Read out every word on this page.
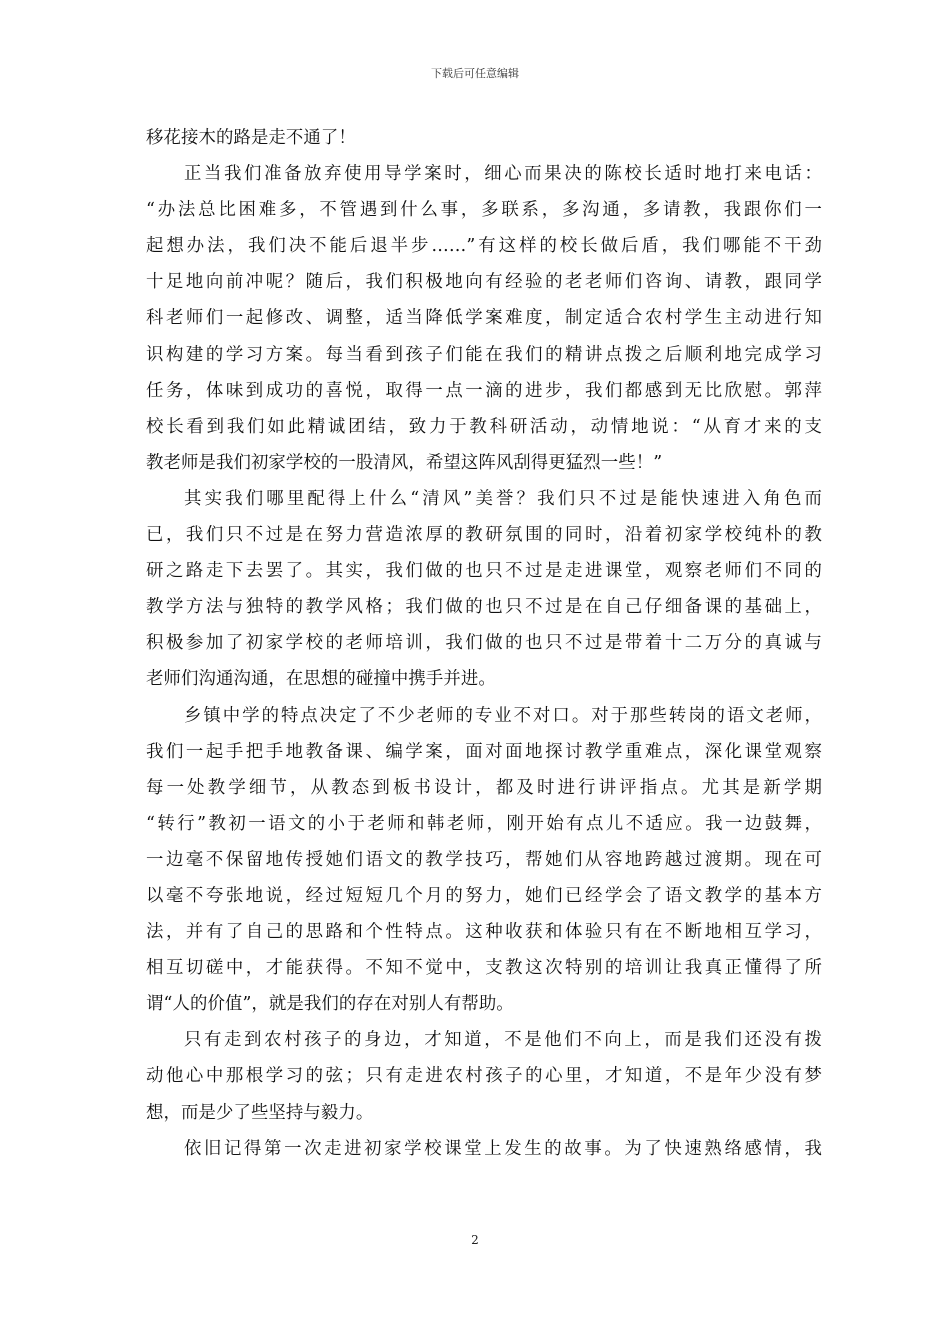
下载后可任意编辑
移花接木的路是走不通了！
正当我们准备放弃使用导学案时，细心而果决的陈校长适时地打来电话：
“办法总比困难多，不管遇到什么事，多联系，多沟通，多请教，我跟你们一
起想办法，我们决不能后退半步……”有这样的校长做后盾，我们哪能不干劲
十足地向前冲呢？随后，我们积极地向有经验的老老师们咨询、请教，跟同学
科老师们一起修改、调整，适当降低学案难度，制定适合农村学生主动进行知
识构建的学习方案。每当看到孩子们能在我们的精讲点拨之后顺利地完成学习
任务，体味到成功的喜悦，取得一点一滴的进步，我们都感到无比欣慰。郭萍
校长看到我们如此精诚团结，致力于教科研活动，动情地说：“从育才来的支
教老师是我们初家学校的一股清风，希望这阵风刮得更猛烈一些！”
其实我们哪里配得上什么“清风”美誉？我们只不过是能快速进入角色而
已，我们只不过是在努力营造浓厚的教研氛围的同时，沿着初家学校纯朴的教
研之路走下去罢了。其实，我们做的也只不过是走进课堂，观察老师们不同的
教学方法与独特的教学风格；我们做的也只不过是在自己仔细备课的基础上，
积极参加了初家学校的老师培训，我们做的也只不过是带着十二万分的真诚与
老师们沟通沟通，在思想的碰撞中携手并进。
乡镇中学的特点决定了不少老师的专业不对口。对于那些转岗的语文老师，
我们一起手把手地教备课、编学案，面对面地探讨教学重难点，深化课堂观察
每一处教学细节，从教态到板书设计，都及时进行讲评指点。尤其是新学期
“转行”教初一语文的小于老师和韩老师，刚开始有点儿不适应。我一边鼓舞，
一边毫不保留地传授她们语文的教学技巧，帮她们从容地跨越过渡期。现在可
以毫不夸张地说，经过短短几个月的努力，她们已经学会了语文教学的基本方
法，并有了自己的思路和个性特点。这种收获和体验只有在不断地相互学习，
相互切磋中，才能获得。不知不觉中，支教这次特别的培训让我真正懂得了所
谓“人的价值”，就是我们的存在对别人有帮助。
只有走到农村孩子的身边，才知道，不是他们不向上，而是我们还没有拨
动他心中那根学习的弦；只有走进农村孩子的心里，才知道，不是年少没有梦
想，而是少了些坚持与毅力。
依旧记得第一次走进初家学校课堂上发生的故事。为了快速熟络感情，我
2
